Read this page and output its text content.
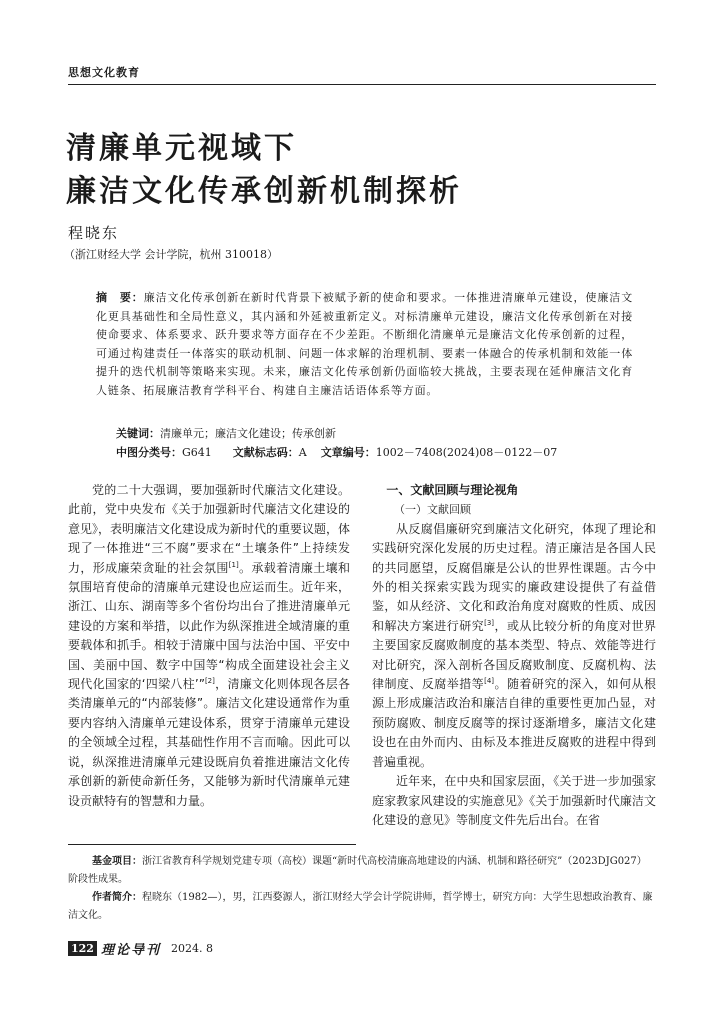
思想文化教育
清廉单元视域下
廉洁文化传承创新机制探析
程晓东
（浙江财经大学 会计学院，杭州 310018）
摘　要：廉洁文化传承创新在新时代背景下被赋予新的使命和要求。一体推进清廉单元建设，使廉洁文化更具基础性和全局性意义，其内涵和外延被重新定义。对标清廉单元建设，廉洁文化传承创新在对接使命要求、体系要求、跃升要求等方面存在不少差距。不断细化清廉单元是廉洁文化传承创新的过程，可通过构建责任一体落实的联动机制、问题一体求解的治理机制、要素一体融合的传承机制和效能一体提升的迭代机制等策略来实现。未来，廉洁文化传承创新仍面临较大挑战，主要表现在延伸廉洁文化育人链条、拓展廉洁教育学科平台、构建自主廉洁话语体系等方面。
关键词：清廉单元；廉洁文化建设；传承创新
中图分类号：G641 文献标志码：A 文章编号：1002－7408(2024)08－0122－07

党的二十大强调，要加强新时代廉洁文化建设。此前，党中央发布《关于加强新时代廉洁文化建设的意见》，表明廉洁文化建设成为新时代的重要议题，体现了一体推进“三不腐”要求在“土壤条件”上持续发力，形成廉荣贪耻的社会氛围[1]。承载着清廉土壤和氛围培育使命的清廉单元建设也应运而生。近年来，浙江、山东、湖南等多个省份均出台了推进清廉单元建设的方案和举措，以此作为纵深推进全域清廉的重要载体和抓手。相较于清廉中国与法治中国、平安中国、美丽中国、数字中国等“构成全面建设社会主义现代化国家的‘四梁八柱’”[2]，清廉文化则体现各层各类清廉单元的“内部装修”。廉洁文化建设通常作为重要内容纳入清廉单元建设体系，贯穿于清廉单元建设的全领域全过程，其基础性作用不言而喻。因此可以说，纵深推进清廉单元建设既肩负着推进廉洁文化传承创新的新使命新任务，又能够为新时代清廉单元建设贡献特有的智慧和力量。

一、文献回顾与理论视角

（一）文献回顾

从反腐倡廉研究到廉洁文化研究，体现了理论和实践研究深化发展的历史过程。清正廉洁是各国人民的共同愿望，反腐倡廉是公认的世界性课题。古今中外的相关探索实践为现实的廉政建设提供了有益借鉴，如从经济、文化和政治角度对腐败的性质、成因和解决方案进行研究[3]，或从比较分析的角度对世界主要国家反腐败制度的基本类型、特点、效能等进行对比研究，深入剖析各国反腐败制度、反腐机构、法律制度、反腐举措等[4]。随着研究的深入，如何从根源上形成廉洁政治和廉洁自律的重要性更加凸显，对预防腐败、制度反腐等的探讨逐渐增多，廉洁文化建设也在由外而内、由标及本推进反腐败的进程中得到普遍重视。

近年来，在中央和国家层面，《关于进一步加强家庭家教家风建设的实施意见》《关于加强新时代廉洁文化建设的意见》等制度文件先后出台。在省

基金项目：浙江省教育科学规划党建专项（高校）课题“新时代高校清廉高地建设的内涵、机制和路径研究”（2023DJG027）阶段性成果。

作者简介：程晓东（1982—），男，江西婺源人，浙江财经大学会计学院讲师，哲学博士，研究方向：大学生思想政治教育、廉洁文化。

122 理论导刊 2024. 8
